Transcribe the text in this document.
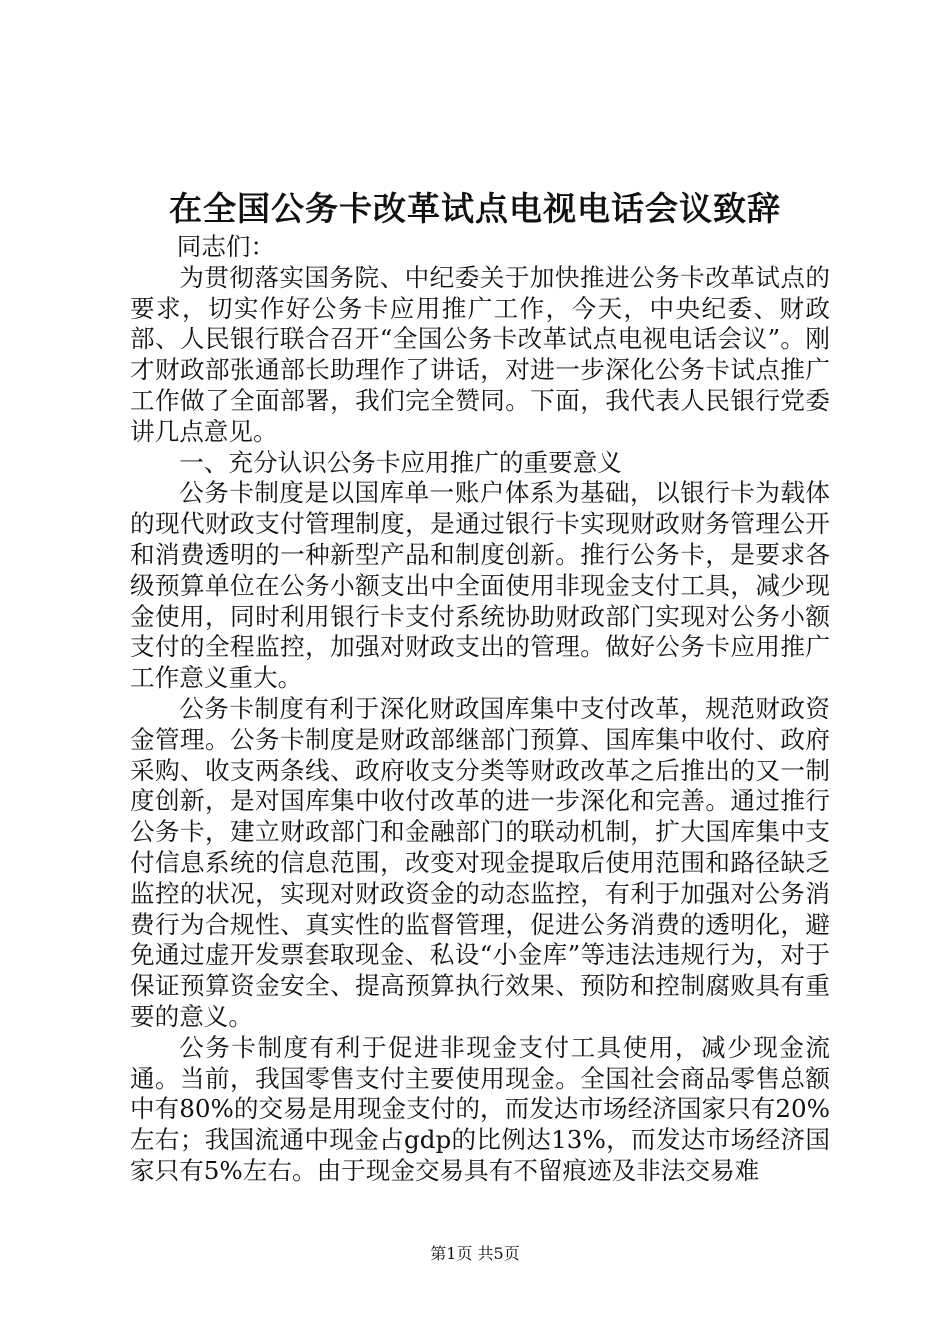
在全国公务卡改革试点电视电话会议致辞

同志们：

为贯彻落实国务院、中纪委关于加快推进公务卡改革试点的要求，切实作好公务卡应用推广工作，今天，中央纪委、财政部、人民银行联合召开“全国公务卡改革试点电视电话会议”。刚才财政部张通部长助理作了讲话，对进一步深化公务卡试点推广工作做了全面部署，我们完全赞同。下面，我代表人民银行党委讲几点意见。

一、充分认识公务卡应用推广的重要意义

公务卡制度是以国库单一账户体系为基础，以银行卡为载体的现代财政支付管理制度，是通过银行卡实现财政财务管理公开和消费透明的一种新型产品和制度创新。推行公务卡，是要求各级预算单位在公务小额支出中全面使用非现金支付工具，减少现金使用，同时利用银行卡支付系统协助财政部门实现对公务小额支付的全程监控，加强对财政支出的管理。做好公务卡应用推广工作意义重大。

公务卡制度有利于深化财政国库集中支付改革，规范财政资金管理。公务卡制度是财政部继部门预算、国库集中收付、政府采购、收支两条线、政府收支分类等财政改革之后推出的又一制度创新，是对国库集中收付改革的进一步深化和完善。通过推行公务卡，建立财政部门和金融部门的联动机制，扩大国库集中支付信息系统的信息范围，改变对现金提取后使用范围和路径缺乏监控的状况，实现对财政资金的动态监控，有利于加强对公务消费行为合规性、真实性的监督管理，促进公务消费的透明化，避免通过虚开发票套取现金、私设“小金库”等违法违规行为，对于保证预算资金安全、提高预算执行效果、预防和控制腐败具有重要的意义。

公务卡制度有利于促进非现金支付工具使用，减少现金流通。当前，我国零售支付主要使用现金。全国社会商品零售总额中有80%的交易是用现金支付的，而发达市场经济国家只有20%左右；我国流通中现金占gdp的比例达13%，而发达市场经济国家只有5%左右。由于现金交易具有不留痕迹及非法交易难

第1页 共5页
